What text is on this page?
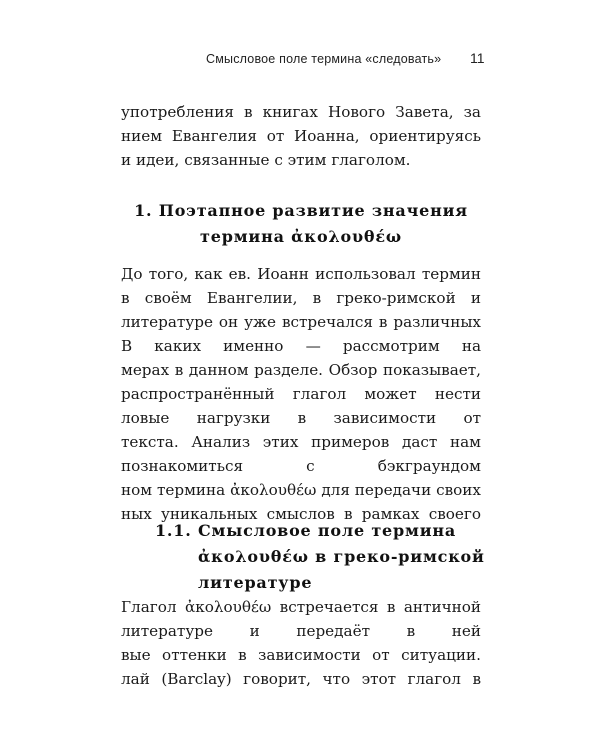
Смысловое поле термина «следовать» 11
употребления в книгах Нового Завета, за
нием Евангелия от Иоанна, ориентируясь
и идеи, связанные с этим глаголом.
1. Поэтапное развитие значения
термина ἀκολουθέω
До того, как ев. Иоанн использовал термин
в своём Евангелии, в греко-римской и
литературе он уже встречался в различных
В каких именно — рассмотрим на
мерах в данном разделе. Обзор показывает,
распространённый глагол может нести
ловые нагрузки в зависимости от
текста. Анализ этих примеров даст нам
познакомиться с бэкграундом
ном термина ἀκολουθέω для передачи своих
ных уникальных смыслов в рамках своего
1.1. Смысловое поле термина
ἀκολουθέω в греко-римской
литературе
Глагол ἀκολουθέω встречается в античной
литературе и передаёт в ней
вые оттенки в зависимости от ситуации.
лай (Barclay) говорит, что этот глагол в
